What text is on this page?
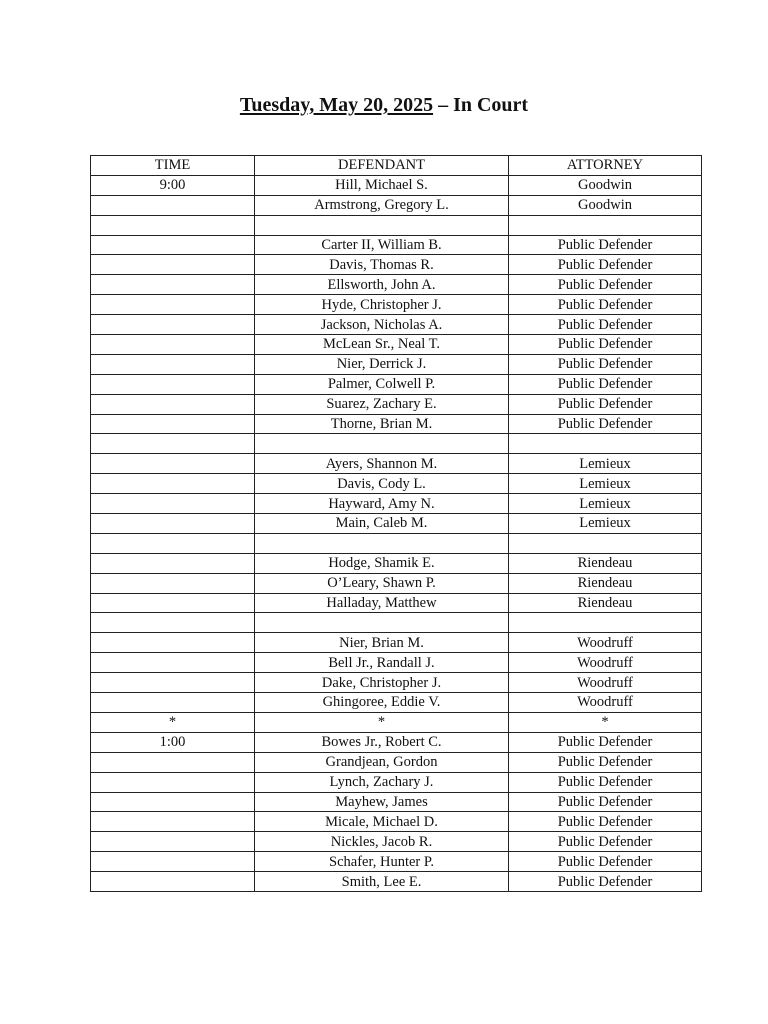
Tuesday, May 20, 2025 – In Court
TIME	DEFENDANT	ATTORNEY
9:00	Hill, Michael S.	Goodwin
	Armstrong, Gregory L.	Goodwin

	Carter II, William B.	Public Defender
	Davis, Thomas R.	Public Defender
	Ellsworth, John A.	Public Defender
	Hyde, Christopher J.	Public Defender
	Jackson, Nicholas A.	Public Defender
	McLean Sr., Neal T.	Public Defender
	Nier, Derrick J.	Public Defender
	Palmer, Colwell P.	Public Defender
	Suarez, Zachary E.	Public Defender
	Thorne, Brian M.	Public Defender

	Ayers, Shannon M.	Lemieux
	Davis, Cody L.	Lemieux
	Hayward, Amy N.	Lemieux
	Main, Caleb M.	Lemieux

	Hodge, Shamik E.	Riendeau
	O’Leary, Shawn P.	Riendeau
	Halladay, Matthew	Riendeau

	Nier, Brian M.	Woodruff
	Bell Jr., Randall J.	Woodruff
	Dake, Christopher J.	Woodruff
	Ghingoree, Eddie V.	Woodruff
*	*	*
1:00	Bowes Jr., Robert C.	Public Defender
	Grandjean, Gordon	Public Defender
	Lynch, Zachary J.	Public Defender
	Mayhew, James	Public Defender
	Micale, Michael D.	Public Defender
	Nickles, Jacob R.	Public Defender
	Schafer, Hunter P.	Public Defender
	Smith, Lee E.	Public Defender
